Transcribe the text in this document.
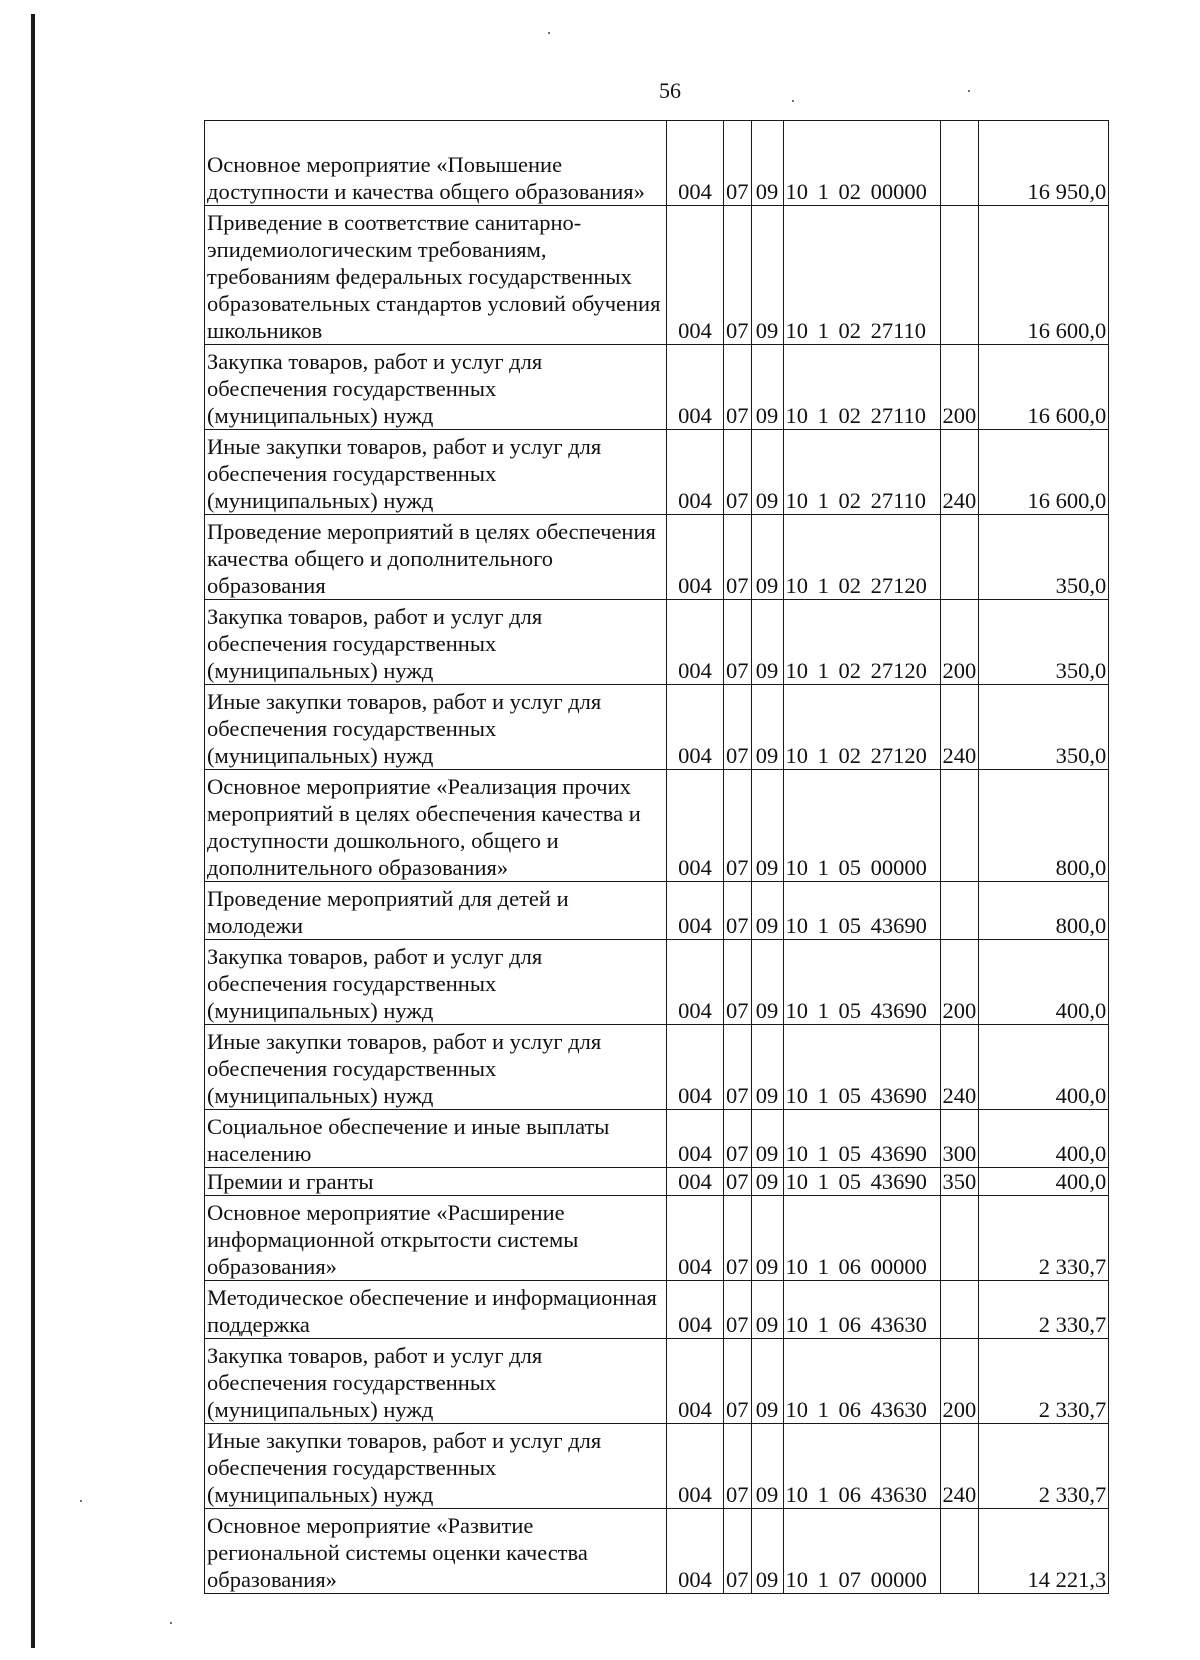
56
Основное мероприятие «Повышение доступности и качества общего образования»	004	07	09	10 1 02 00000		16 950,0
Приведение в соответствие санитарно-эпидемиологическим требованиям, требованиям федеральных государственных образовательных стандартов условий обучения школьников	004	07	09	10 1 02 27110		16 600,0
Закупка товаров, работ и услуг для обеспечения государственных (муниципальных) нужд	004	07	09	10 1 02 27110	200	16 600,0
Иные закупки товаров, работ и услуг для обеспечения государственных (муниципальных) нужд	004	07	09	10 1 02 27110	240	16 600,0
Проведение мероприятий в целях обеспечения качества общего и дополнительного образования	004	07	09	10 1 02 27120		350,0
Закупка товаров, работ и услуг для обеспечения государственных (муниципальных) нужд	004	07	09	10 1 02 27120	200	350,0
Иные закупки товаров, работ и услуг для обеспечения государственных (муниципальных) нужд	004	07	09	10 1 02 27120	240	350,0
Основное мероприятие «Реализация прочих мероприятий в целях обеспечения качества и доступности дошкольного, общего и дополнительного образования»	004	07	09	10 1 05 00000		800,0
Проведение мероприятий для детей и молодежи	004	07	09	10 1 05 43690		800,0
Закупка товаров, работ и услуг для обеспечения государственных (муниципальных) нужд	004	07	09	10 1 05 43690	200	400,0
Иные закупки товаров, работ и услуг для обеспечения государственных (муниципальных) нужд	004	07	09	10 1 05 43690	240	400,0
Социальное обеспечение и иные выплаты населению	004	07	09	10 1 05 43690	300	400,0
Премии и гранты	004	07	09	10 1 05 43690	350	400,0
Основное мероприятие «Расширение информационной открытости системы образования»	004	07	09	10 1 06 00000		2 330,7
Методическое обеспечение и информационная поддержка	004	07	09	10 1 06 43630		2 330,7
Закупка товаров, работ и услуг для обеспечения государственных (муниципальных) нужд	004	07	09	10 1 06 43630	200	2 330,7
Иные закупки товаров, работ и услуг для обеспечения государственных (муниципальных) нужд	004	07	09	10 1 06 43630	240	2 330,7
Основное мероприятие «Развитие региональной системы оценки качества образования»	004	07	09	10 1 07 00000		14 221,3
